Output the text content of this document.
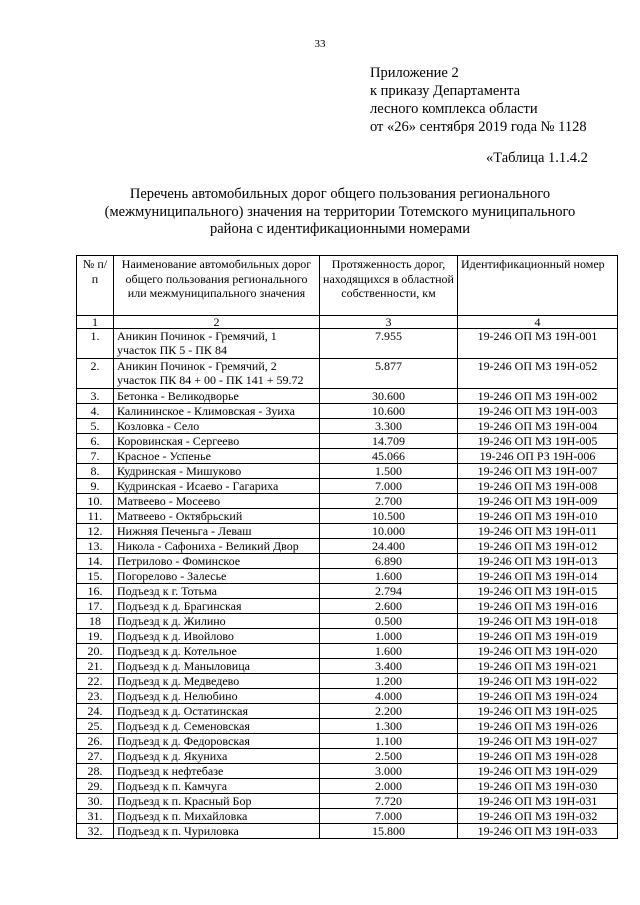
33
Приложение 2
к приказу Департамента
лесного комплекса области
от «26» сентября 2019 года № 1128
«Таблица 1.1.4.2
Перечень автомобильных дорог общего пользования регионального
(межмуниципального) значения на территории Тотемского муниципального
района с идентификационными номерами
№ п/п	Наименование автомобильных дорог общего пользования регионального или межмуниципального значения	Протяженность дорог, находящихся в областной собственности, км	Идентификационный номер
1	2	3	4
1.	Аникин Починок - Гремячий, 1 участок ПК 5 - ПК 84	7.955	19-246 ОП МЗ 19Н-001
2.	Аникин Починок - Гремячий, 2 участок ПК 84 + 00 - ПК 141 + 59.72	5.877	19-246 ОП МЗ 19Н-052
3.	Бетонка - Великодворье	30.600	19-246 ОП МЗ 19Н-002
4.	Калининское - Климовская - Зуиха	10.600	19-246 ОП МЗ 19Н-003
5.	Козловка - Село	3.300	19-246 ОП МЗ 19Н-004
6.	Коровинская - Сергеево	14.709	19-246 ОП МЗ 19Н-005
7.	Красное - Успенье	45.066	19-246 ОП РЗ 19Н-006
8.	Кудринская - Мишуково	1.500	19-246 ОП МЗ 19Н-007
9.	Кудринская - Исаево - Гагариха	7.000	19-246 ОП МЗ 19Н-008
10.	Матвеево - Мосеево	2.700	19-246 ОП МЗ 19Н-009
11.	Матвеево - Октябрьский	10.500	19-246 ОП МЗ 19Н-010
12.	Нижняя Печеньга - Леваш	10.000	19-246 ОП МЗ 19Н-011
13.	Никола - Сафониха - Великий Двор	24.400	19-246 ОП МЗ 19Н-012
14.	Петрилово - Фоминское	6.890	19-246 ОП МЗ 19Н-013
15.	Погорелово - Залесье	1.600	19-246 ОП МЗ 19Н-014
16.	Подъезд к г. Тотьма	2.794	19-246 ОП МЗ 19Н-015
17.	Подъезд к д. Брагинская	2.600	19-246 ОП МЗ 19Н-016
18	Подъезд к д. Жилино	0.500	19-246 ОП МЗ 19Н-018
19.	Подъезд к д. Ивойлово	1.000	19-246 ОП МЗ 19Н-019
20.	Подъезд к д. Котельное	1.600	19-246 ОП МЗ 19Н-020
21.	Подъезд к д. Маныловица	3.400	19-246 ОП МЗ 19Н-021
22.	Подъезд к д. Медведево	1.200	19-246 ОП МЗ 19Н-022
23.	Подъезд к д. Нелюбино	4.000	19-246 ОП МЗ 19Н-024
24.	Подъезд к д. Остатинская	2.200	19-246 ОП МЗ 19Н-025
25.	Подъезд к д. Семеновская	1.300	19-246 ОП МЗ 19Н-026
26.	Подъезд к д. Федоровская	1.100	19-246 ОП МЗ 19Н-027
27.	Подъезд к д. Якуниха	2.500	19-246 ОП МЗ 19Н-028
28.	Подъезд к нефтебазе	3.000	19-246 ОП МЗ 19Н-029
29.	Подъезд к п. Камчуга	2.000	19-246 ОП МЗ 19Н-030
30.	Подъезд к п. Красный Бор	7.720	19-246 ОП МЗ 19Н-031
31.	Подъезд к п. Михайловка	7.000	19-246 ОП МЗ 19Н-032
32.	Подъезд к п. Чуриловка	15.800	19-246 ОП МЗ 19Н-033
